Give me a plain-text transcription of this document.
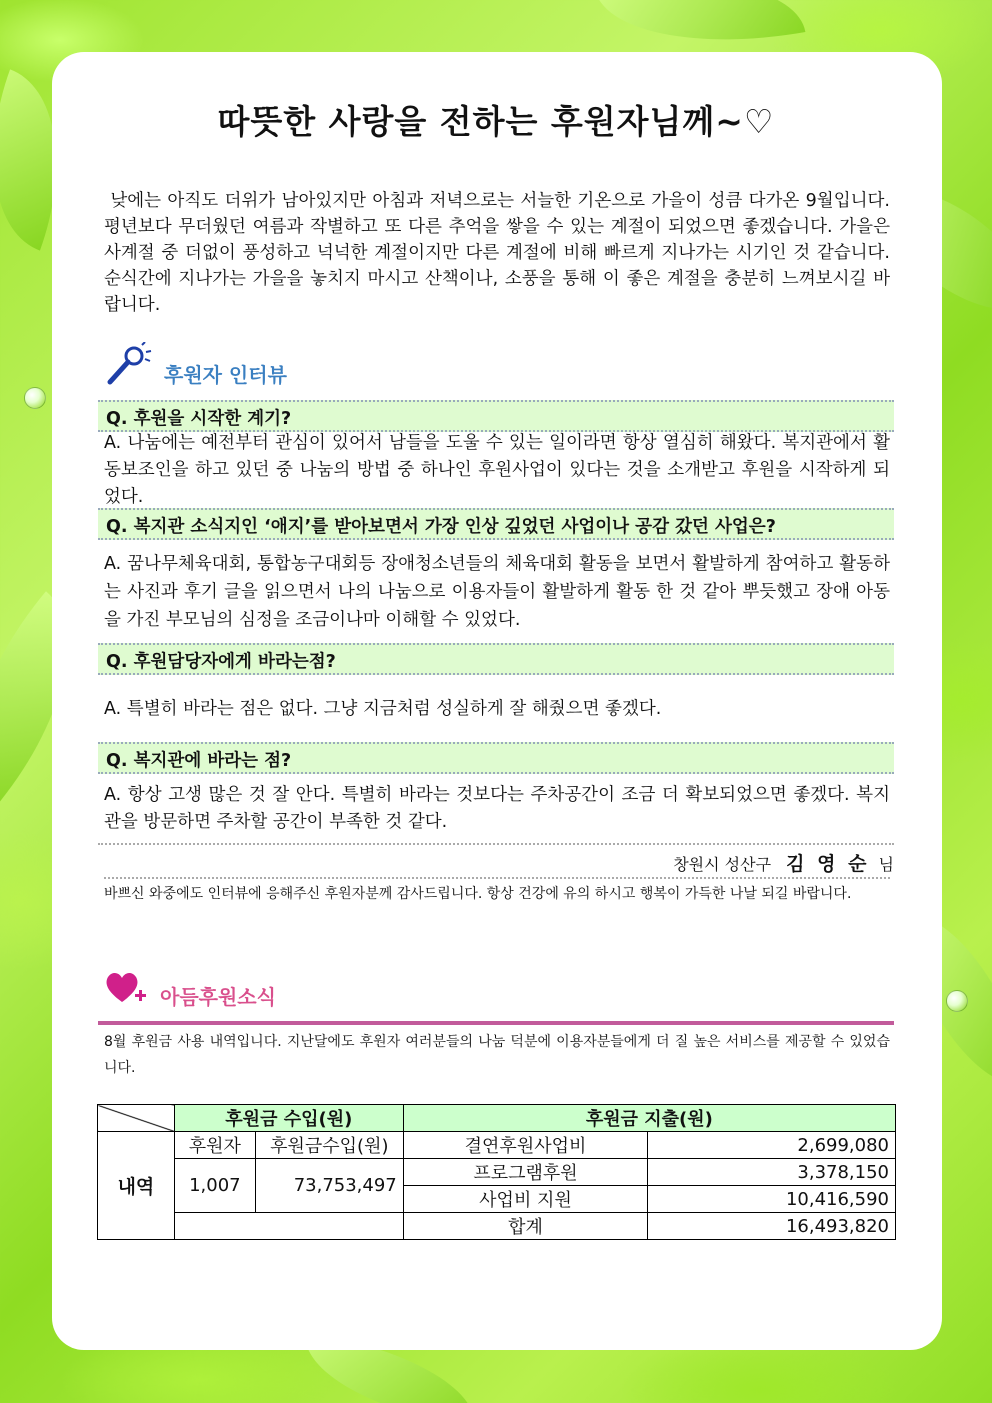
따뜻한 사랑을 전하는 후원자님께~♡
낮에는 아직도 더위가 남아있지만 아침과 저녁으로는 서늘한 기온으로 가을이 성큼 다가온 9월입니다. 평년보다 무더웠던 여름과 작별하고 또 다른 추억을 쌓을 수 있는 계절이 되었으면 좋겠습니다. 가을은 사계절 중 더없이 풍성하고 넉넉한 계절이지만 다른 계절에 비해 빠르게 지나가는 시기인 것 같습니다. 순식간에 지나가는 가을을 놓치지 마시고 산책이나, 소풍을 통해 이 좋은 계절을 충분히 느껴보시길 바랍니다.
후원자 인터뷰
Q. 후원을 시작한 계기?
A. 나눔에는 예전부터 관심이 있어서 남들을 도울 수 있는 일이라면 항상 열심히 해왔다. 복지관에서 활동보조인을 하고 있던 중 나눔의 방법 중 하나인 후원사업이 있다는 것을 소개받고 후원을 시작하게 되었다.
Q. 복지관 소식지인 ‘애지’를 받아보면서 가장 인상 깊었던 사업이나 공감 갔던 사업은?
A. 꿈나무체육대회, 통합농구대회등 장애청소년들의 체육대회 활동을 보면서 활발하게 참여하고 활동하는 사진과 후기 글을 읽으면서 나의 나눔으로 이용자들이 활발하게 활동 한 것 같아 뿌듯했고 장애 아동을 가진 부모님의 심정을 조금이나마 이해할 수 있었다.
Q. 후원담당자에게 바라는점?
A. 특별히 바라는 점은 없다. 그냥 지금처럼 성실하게 잘 해줬으면 좋겠다.
Q. 복지관에 바라는 점?
A. 항상 고생 많은 것 잘 안다. 특별히 바라는 것보다는 주차공간이 조금 더 확보되었으면 좋겠다. 복지관을 방문하면 주차할 공간이 부족한 것 같다.
창원시 성산구 김 영 순 님
바쁘신 와중에도 인터뷰에 응해주신 후원자분께 감사드립니다. 항상 건강에 유의 하시고 행복이 가득한 나날 되길 바랍니다.
아듬후원소식
8월 후원금 사용 내역입니다. 지난달에도 후원자 여러분들의 나눔 덕분에 이용자분들에게 더 질 높은 서비스를 제공할 수 있었습니다.
	후원금 수입(원)		후원금 지출(원)	
내역	후원자	후원금수입(원)	결연후원사업비	2,699,080
	1,007	73,753,497	프로그램후원	3,378,150
			사업비 지원	10,416,590
			합계	16,493,820
